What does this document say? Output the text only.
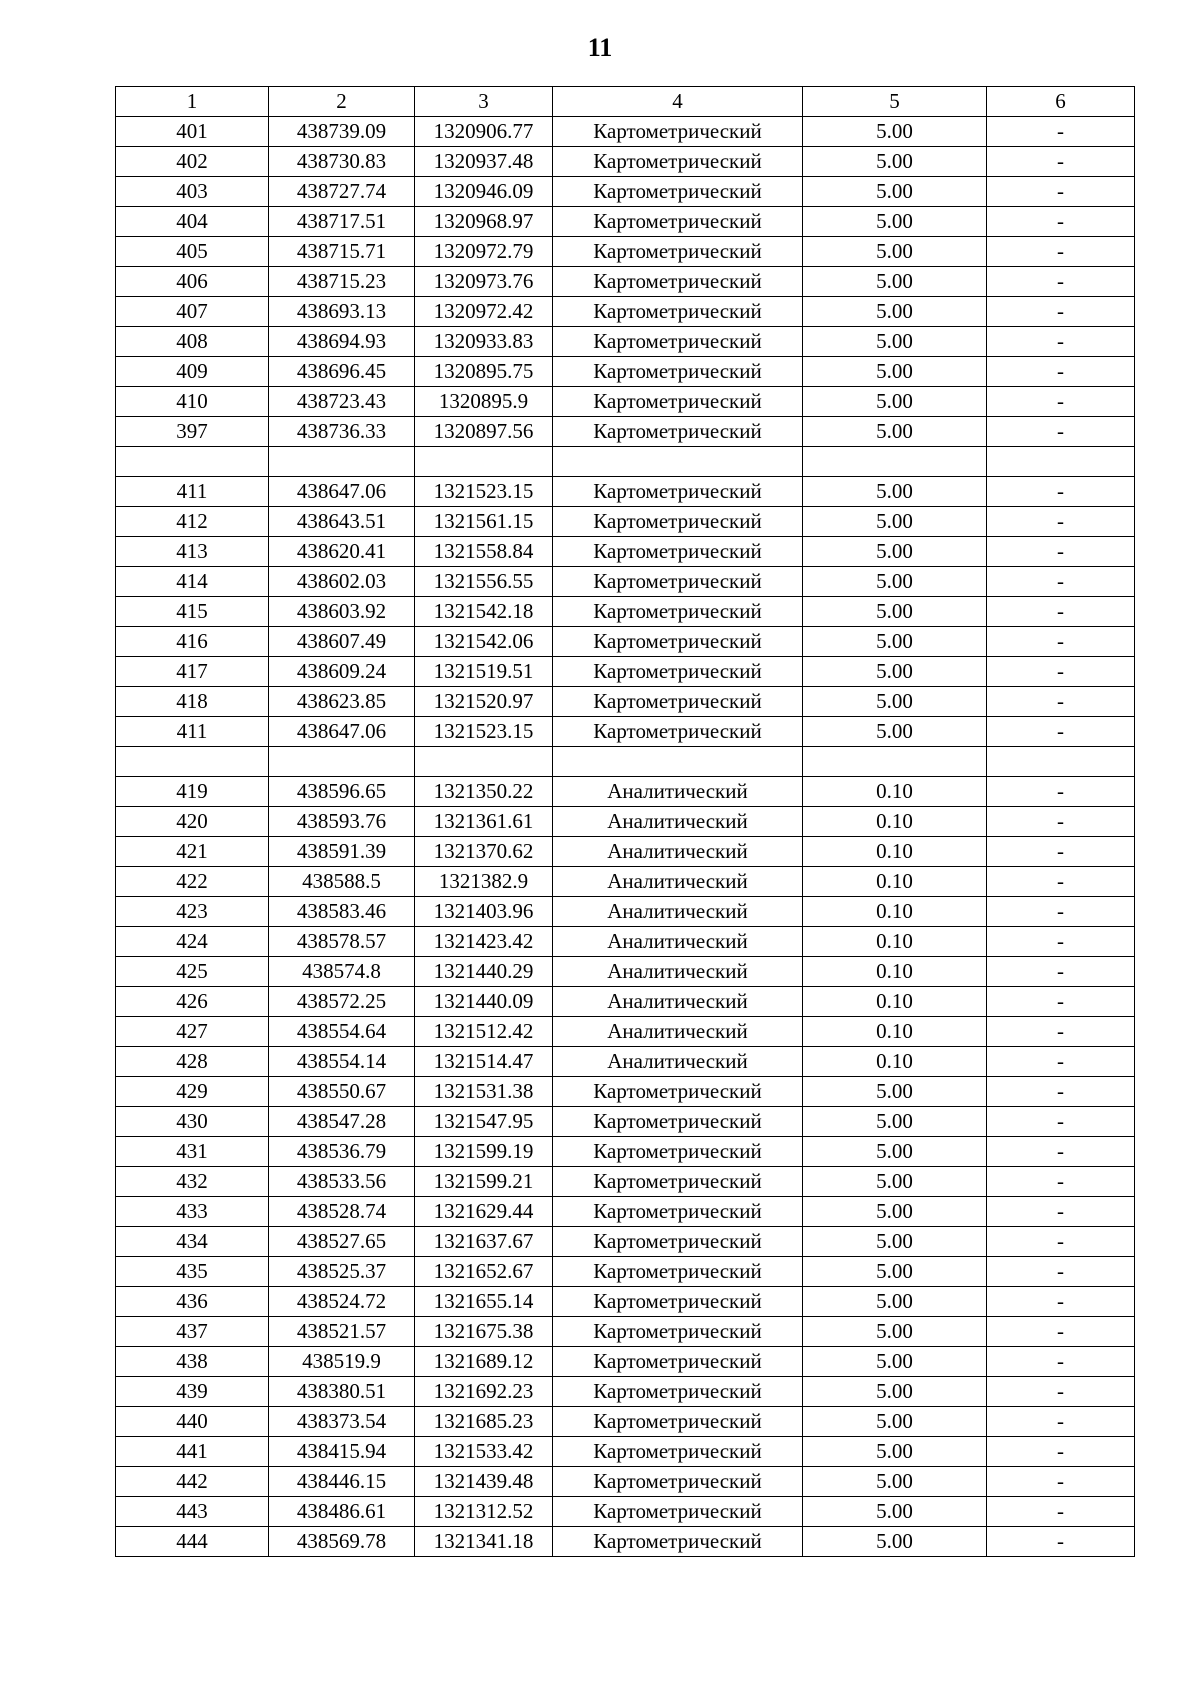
11
1	2	3	4	5	6
401	438739.09	1320906.77	Картометрический	5.00	-
402	438730.83	1320937.48	Картометрический	5.00	-
403	438727.74	1320946.09	Картометрический	5.00	-
404	438717.51	1320968.97	Картометрический	5.00	-
405	438715.71	1320972.79	Картометрический	5.00	-
406	438715.23	1320973.76	Картометрический	5.00	-
407	438693.13	1320972.42	Картометрический	5.00	-
408	438694.93	1320933.83	Картометрический	5.00	-
409	438696.45	1320895.75	Картометрический	5.00	-
410	438723.43	1320895.9	Картометрический	5.00	-
397	438736.33	1320897.56	Картометрический	5.00	-

411	438647.06	1321523.15	Картометрический	5.00	-
412	438643.51	1321561.15	Картометрический	5.00	-
413	438620.41	1321558.84	Картометрический	5.00	-
414	438602.03	1321556.55	Картометрический	5.00	-
415	438603.92	1321542.18	Картометрический	5.00	-
416	438607.49	1321542.06	Картометрический	5.00	-
417	438609.24	1321519.51	Картометрический	5.00	-
418	438623.85	1321520.97	Картометрический	5.00	-
411	438647.06	1321523.15	Картометрический	5.00	-

419	438596.65	1321350.22	Аналитический	0.10	-
420	438593.76	1321361.61	Аналитический	0.10	-
421	438591.39	1321370.62	Аналитический	0.10	-
422	438588.5	1321382.9	Аналитический	0.10	-
423	438583.46	1321403.96	Аналитический	0.10	-
424	438578.57	1321423.42	Аналитический	0.10	-
425	438574.8	1321440.29	Аналитический	0.10	-
426	438572.25	1321440.09	Аналитический	0.10	-
427	438554.64	1321512.42	Аналитический	0.10	-
428	438554.14	1321514.47	Аналитический	0.10	-
429	438550.67	1321531.38	Картометрический	5.00	-
430	438547.28	1321547.95	Картометрический	5.00	-
431	438536.79	1321599.19	Картометрический	5.00	-
432	438533.56	1321599.21	Картометрический	5.00	-
433	438528.74	1321629.44	Картометрический	5.00	-
434	438527.65	1321637.67	Картометрический	5.00	-
435	438525.37	1321652.67	Картометрический	5.00	-
436	438524.72	1321655.14	Картометрический	5.00	-
437	438521.57	1321675.38	Картометрический	5.00	-
438	438519.9	1321689.12	Картометрический	5.00	-
439	438380.51	1321692.23	Картометрический	5.00	-
440	438373.54	1321685.23	Картометрический	5.00	-
441	438415.94	1321533.42	Картометрический	5.00	-
442	438446.15	1321439.48	Картометрический	5.00	-
443	438486.61	1321312.52	Картометрический	5.00	-
444	438569.78	1321341.18	Картометрический	5.00	-
